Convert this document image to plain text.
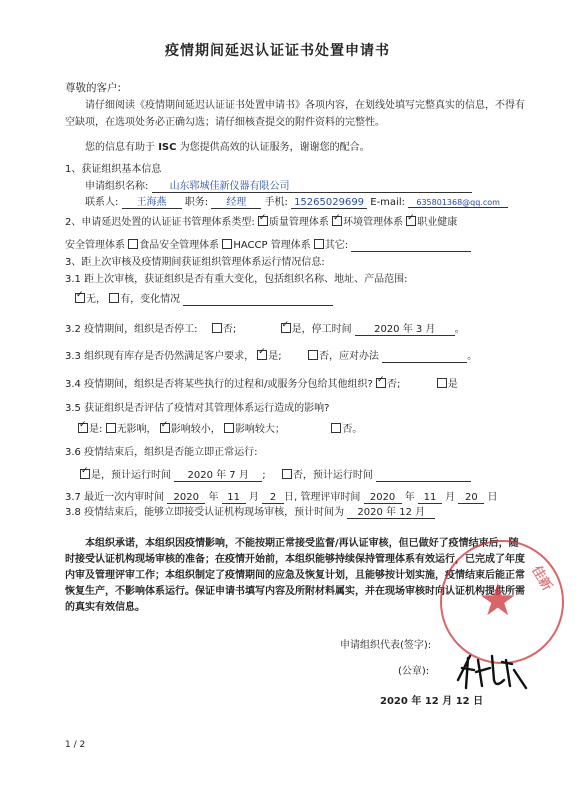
疫情期间延迟认证证书处置申请书
尊敬的客户:
请仔细阅读《疫情期间延迟认证证书处置申请书》各项内容，在划线处填写完整真实的信息，不得有空缺项，在选项处务必正确勾选；请仔细核查提交的附件资料的完整性。
您的信息有助于 ISC 为您提供高效的认证服务，谢谢您的配合。
1、获证组织基本信息
申请组织名称: 山东郓城佳新仪器有限公司
联系人: 王海燕 职务: 经理 手机: 15265029699 E-mail: 635801368@qq.com
2、申请延迟处置的认证证书管理体系类型: ✓ 质量管理体系 ✓ 环境管理体系 ✓ 职业健康
安全管理体系 食品安全管理体系 HACCP 管理体系 其它:
3、距上次审核及疫情期间获证组织管理体系运行情况信息:
3.1 距上次审核，获证组织是否有重大变化，包括组织名称、地址、产品范围:
✓无， 有，变化情况
3.2 疫情期间，组织是否停工:	否; ✓	是，停工时间 2020 年 3 月 。
3.3 组织现有库存是否仍然满足客户要求， ✓ 是;	否，应对办法	。
3.4 疫情期间，组织是否将某些执行的过程和/或服务分包给其他组织? ✓ 否;	是
3.5 获证组织是否评估了疫情对其管理体系运行造成的影响?
✓是: 无影响， ✓ 影响较小， 影响较大；	否。
3.6 疫情结束后，组织是否能立即正常运行:
✓是，预计运行时间 2020 年 7 月 ;  否，预计运行时间
3.7 最近一次内审时间 2020 年 11 月 2 日, 管理评审时间 2020 年 11 月 20 日
3.8 疫情结束后，能够立即接受认证机构现场审核，预计时间为 2020 年 12 月
本组织承诺，本组织因疫情影响，不能按期正常接受监督/再认证审核，但已做好了疫情结束后，随时接受认证机构现场审核的准备；在疫情开始前，本组织能够持续保持管理体系有效运行，已完成了年度内审及管理评审工作；本组织制定了疫情期间的应急及恢复计划，且能够按计划实施，疫情结束后能正常恢复生产，不影响体系运行。保证申请书填写内容及所附材料属实，并在现场审核时向认证机构提供所需的真实有效信息。	★ 佳新
申请组织代表(签字):
(公章):
2020 年 12 月 12 日
1 / 2
